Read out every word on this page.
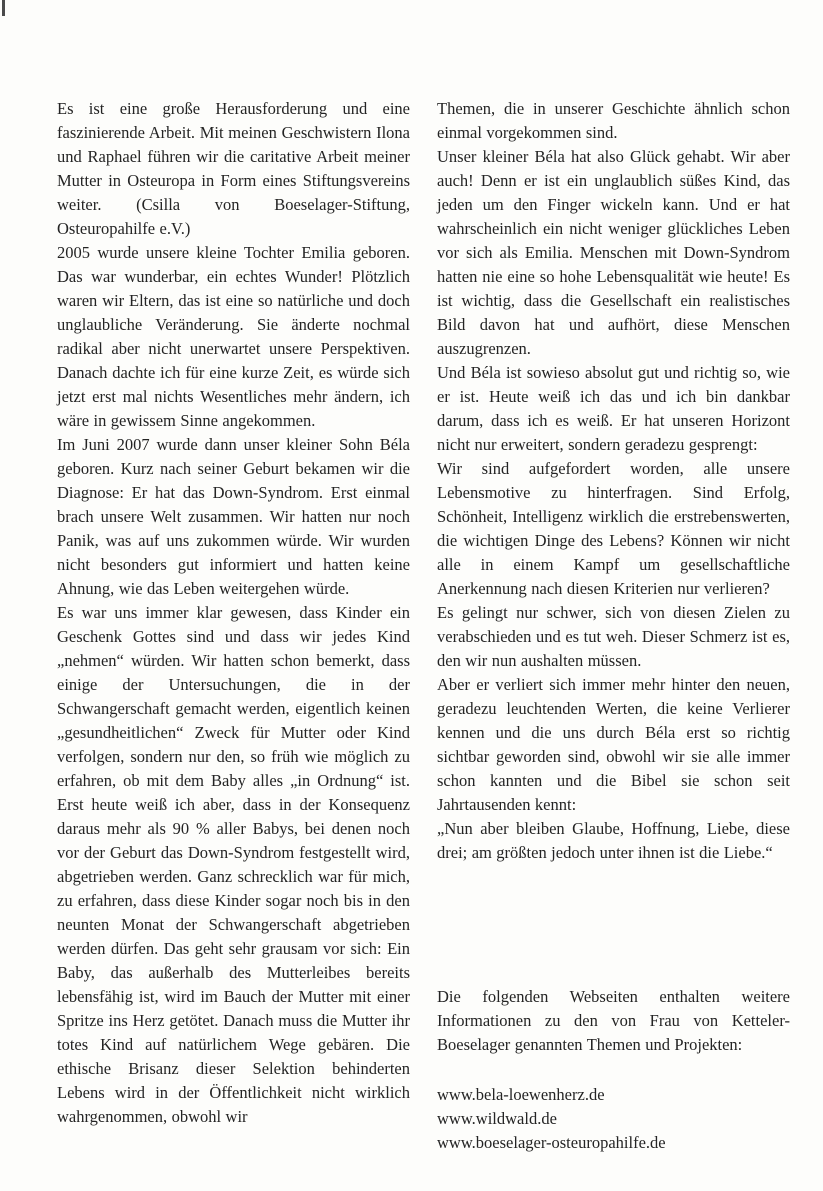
Es ist eine große Herausforderung und eine faszinierende Arbeit. Mit meinen Geschwistern Ilona und Raphael führen wir die caritative Arbeit meiner Mutter in Osteuropa in Form eines Stiftungsvereins weiter. (Csilla von Boeselager-Stiftung, Osteuropahilfe e.V.)

2005 wurde unsere kleine Tochter Emilia geboren. Das war wunderbar, ein echtes Wunder! Plötzlich waren wir Eltern, das ist eine so natürliche und doch unglaubliche Veränderung. Sie änderte nochmal radikal aber nicht unerwartet unsere Perspektiven. Danach dachte ich für eine kurze Zeit, es würde sich jetzt erst mal nichts Wesentliches mehr ändern, ich wäre in gewissem Sinne angekommen.

Im Juni 2007 wurde dann unser kleiner Sohn Béla geboren. Kurz nach seiner Geburt bekamen wir die Diagnose: Er hat das Down-Syndrom. Erst einmal brach unsere Welt zusammen. Wir hatten nur noch Panik, was auf uns zukommen würde. Wir wurden nicht besonders gut informiert und hatten keine Ahnung, wie das Leben weitergehen würde.

Es war uns immer klar gewesen, dass Kinder ein Geschenk Gottes sind und dass wir jedes Kind „nehmen“ würden. Wir hatten schon bemerkt, dass einige der Untersuchungen, die in der Schwangerschaft gemacht werden, eigentlich keinen „gesundheitlichen“ Zweck für Mutter oder Kind verfolgen, sondern nur den, so früh wie möglich zu erfahren, ob mit dem Baby alles „in Ordnung“ ist. Erst heute weiß ich aber, dass in der Konsequenz daraus mehr als 90 % aller Babys, bei denen noch vor der Geburt das Down-Syndrom festgestellt wird, abgetrieben werden. Ganz schrecklich war für mich, zu erfahren, dass diese Kinder sogar noch bis in den neunten Monat der Schwangerschaft abgetrieben werden dürfen. Das geht sehr grausam vor sich: Ein Baby, das außerhalb des Mutterleibes bereits lebensfähig ist, wird im Bauch der Mutter mit einer Spritze ins Herz getötet. Danach muss die Mutter ihr totes Kind auf natürlichem Wege gebären. Die ethische Brisanz dieser Selektion behinderten Lebens wird in der Öffentlichkeit nicht wirklich wahrgenommen, obwohl wir

Themen, die in unserer Geschichte ähnlich schon einmal vorgekommen sind.

Unser kleiner Béla hat also Glück gehabt. Wir aber auch! Denn er ist ein unglaublich süßes Kind, das jeden um den Finger wickeln kann. Und er hat wahrscheinlich ein nicht weniger glückliches Leben vor sich als Emilia. Menschen mit Down-Syndrom hatten nie eine so hohe Lebensqualität wie heute! Es ist wichtig, dass die Gesellschaft ein realistisches Bild davon hat und aufhört, diese Menschen auszugrenzen.

Und Béla ist sowieso absolut gut und richtig so, wie er ist. Heute weiß ich das und ich bin dankbar darum, dass ich es weiß. Er hat unseren Horizont nicht nur erweitert, sondern geradezu gesprengt:

Wir sind aufgefordert worden, alle unsere Lebensmotive zu hinterfragen. Sind Erfolg, Schönheit, Intelligenz wirklich die erstrebenswerten, die wichtigen Dinge des Lebens? Können wir nicht alle in einem Kampf um gesellschaftliche Anerkennung nach diesen Kriterien nur verlieren?

Es gelingt nur schwer, sich von diesen Zielen zu verabschieden und es tut weh. Dieser Schmerz ist es, den wir nun aushalten müssen.

Aber er verliert sich immer mehr hinter den neuen, geradezu leuchtenden Werten, die keine Verlierer kennen und die uns durch Béla erst so richtig sichtbar geworden sind, obwohl wir sie alle immer schon kannten und die Bibel sie schon seit Jahrtausenden kennt:

„Nun aber bleiben Glaube, Hoffnung, Liebe, diese drei; am größten jedoch unter ihnen ist die Liebe.“

Die folgenden Webseiten enthalten weitere Informationen zu den von Frau von Ketteler-Boeselager genannten Themen und Projekten:

www.bela-loewenherz.de

www.wildwald.de

www.boeselager-osteuropahilfe.de
